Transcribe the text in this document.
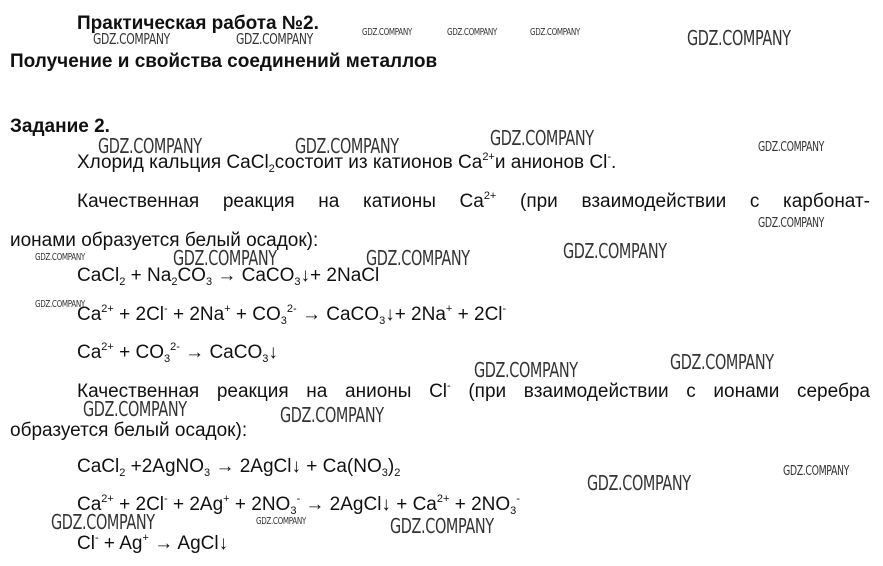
Практическая работа №2.
Получение и свойства соединений металлов
Задание 2.
Хлорид кальция CaCl$_2$состоит из катионов $Ca^{2+}и$ анионов Cl-.
Качественная реакция на катионы $Ca^{2+}$ (при взаимодействии с карбонат-
ионами образуется белый осадок):
CaCl$_2$ + $Na_2CO_3$ → CaCO$_3$↓+ 2NaCl
$Ca^{2+} + 2Cl^- + 2Na^+ + CO_3^{2-}$ → CaCO$_3$↓+ 2Na+ + 2Cl-
$Ca^{2+} + CO_3^{2-}$ → CaCO$_3$↓
Качественная реакция на анионы Cl- (при взаимодействии с ионами серебра
образуется белый осадок):
CaCl$_2$ +2AgNO$_3$ → 2AgCl↓ + $Ca(NO_3)_2$
$Ca^{2+} + 2Cl^- + 2Ag^+ + 2NO_3^-$ → 2AgCl↓ + $Ca^{2+} + 2NO_3^-$
Cl- + Ag+ → AgCl↓
GDZ.COMPANY	GDZ.COMPANY	GDZ.COMPANY
GDZ.COMPANY	GDZ.COMPANY	GDZ.COMPANY
GDZ.COMPANY	GDZ.COMPANY	GDZ.COMPANY	GDZ.COMPANY
GDZ.COMPANY
GDZ.COMPANY	GDZ.COMPANY	GDZ.COMPANY
GDZ.COMPANY
GDZ.COMPANY
GDZ.COMPANY	GDZ.COMPANY
GDZ.COMPANY	GDZ.COMPANY
GDZ.COMPANY
GDZ.COMPANY
GDZ.COMPANY	GDZ.COMPANY	GDZ.COMPANY
